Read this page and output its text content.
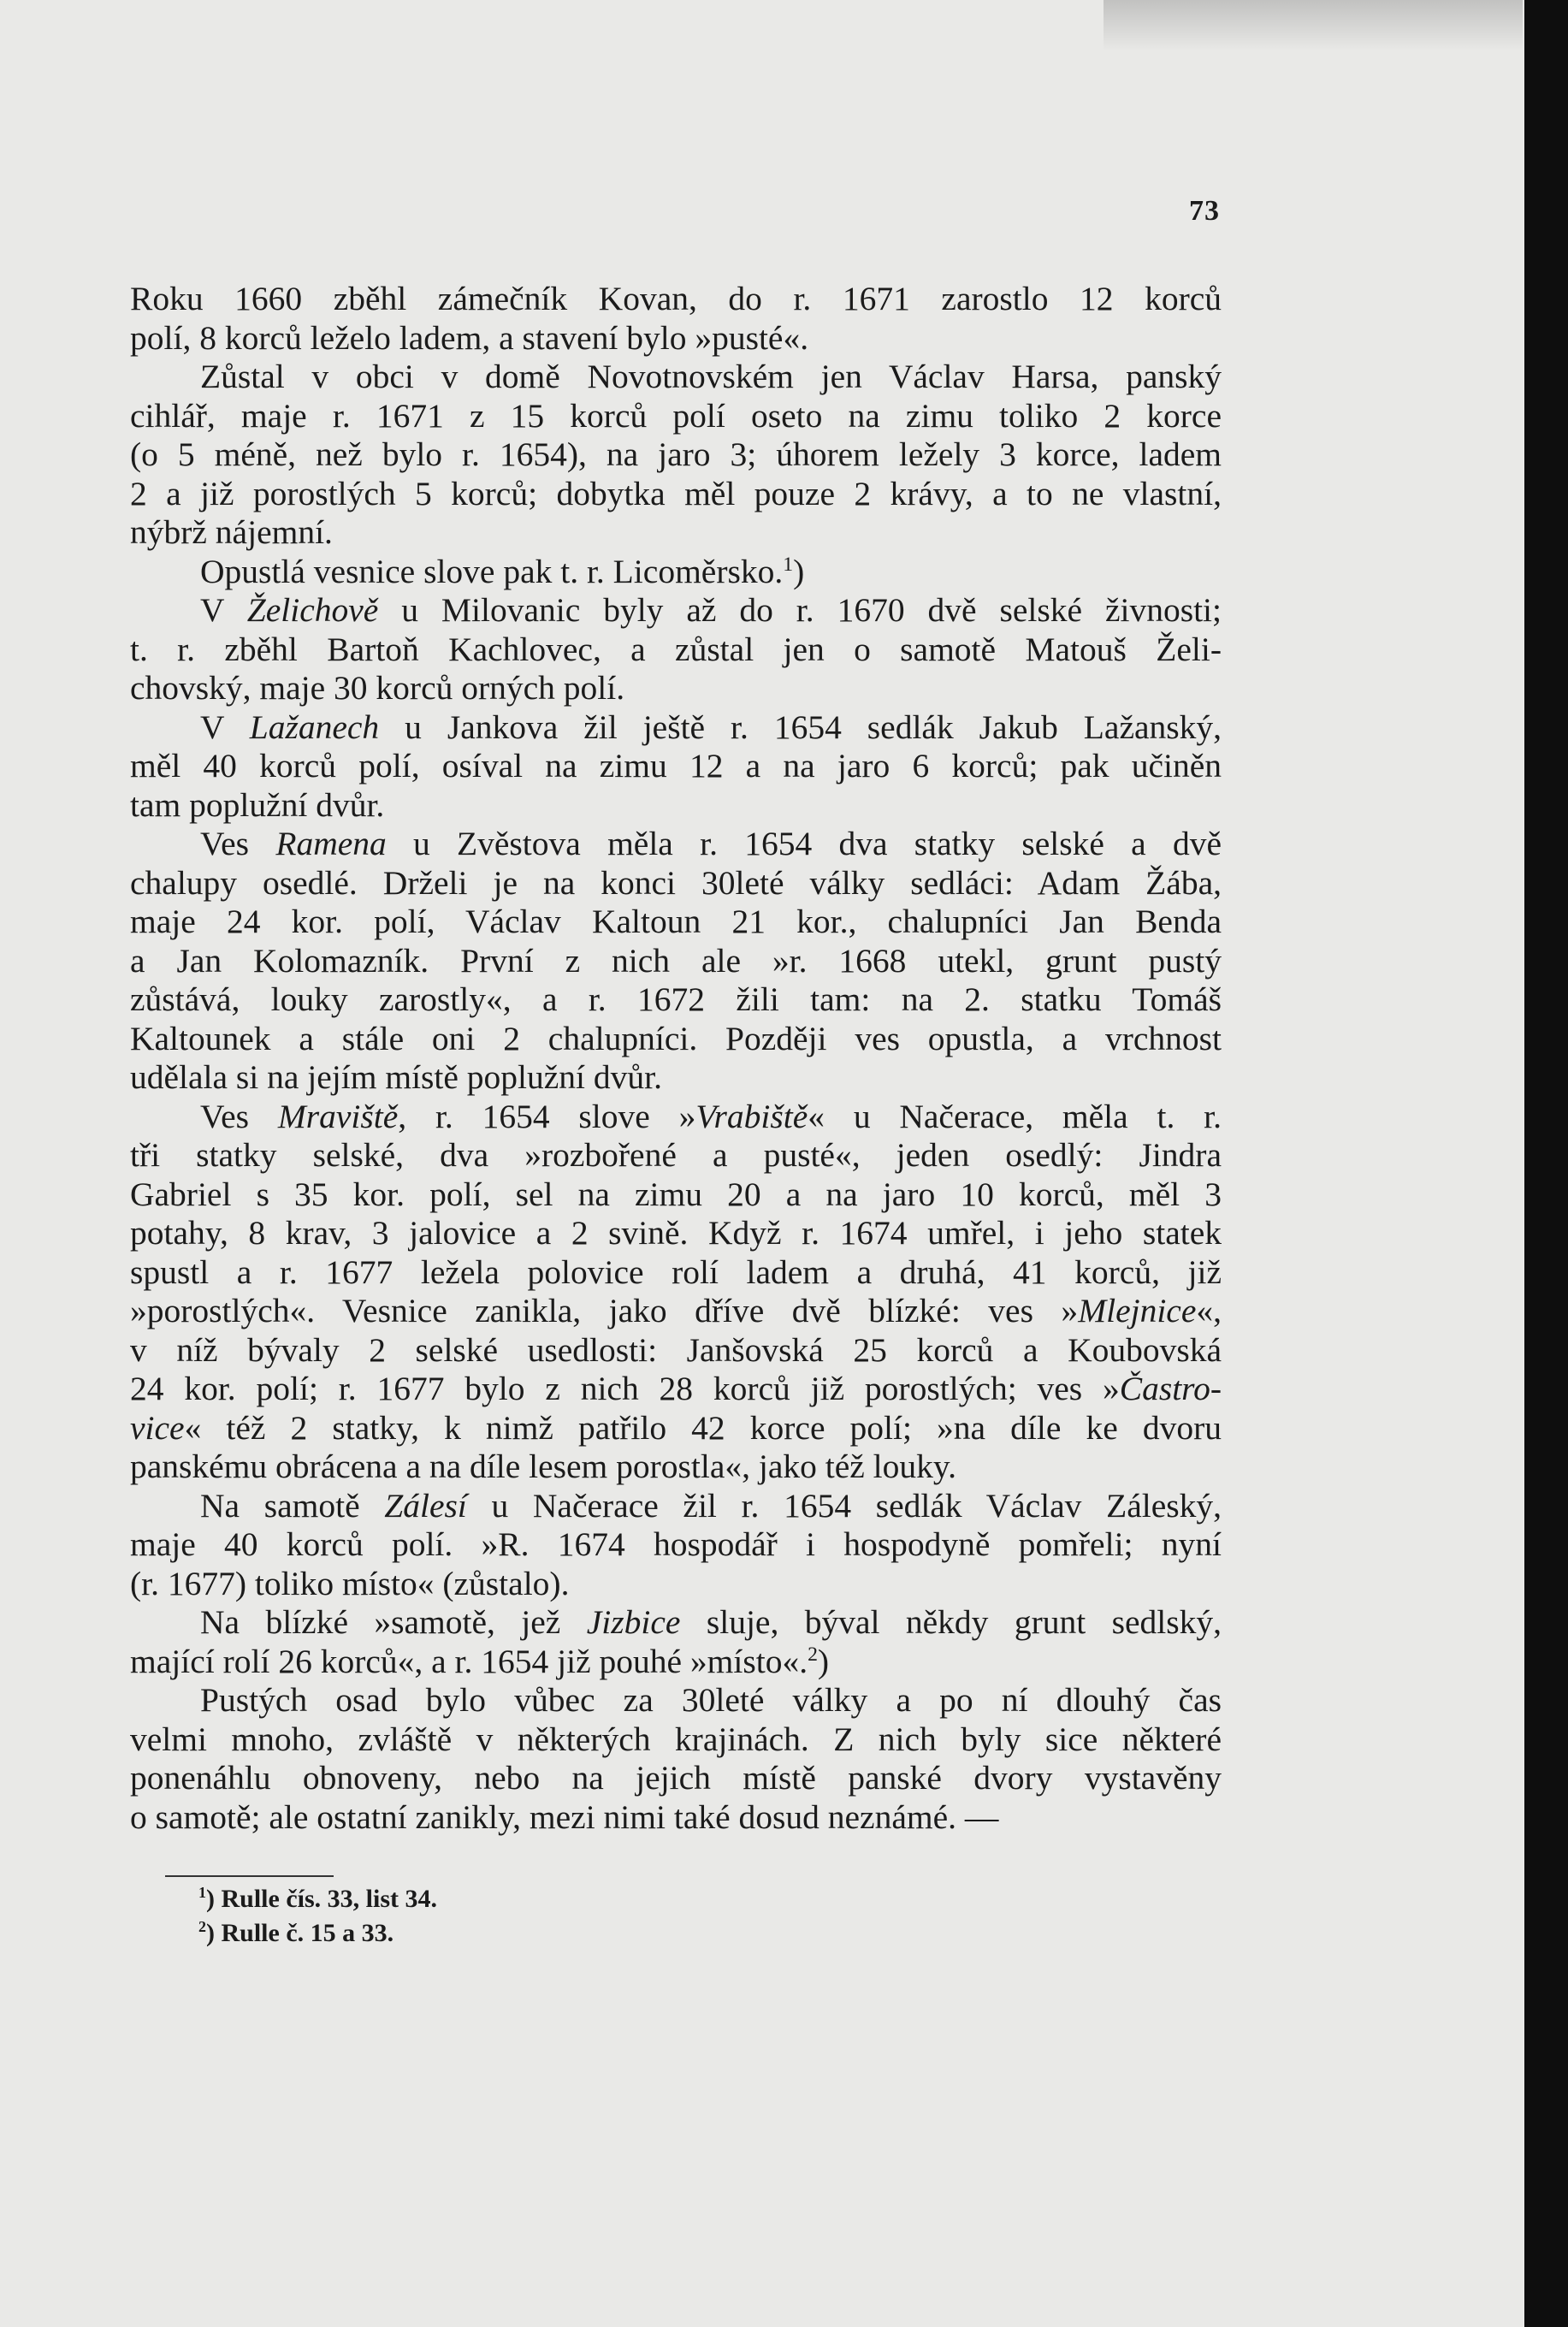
73
Roku 1660 zběhl zámečník Kovan, do r. 1671 zarostlo 12 korců
polí, 8 korců leželo ladem, a stavení bylo »pusté«.
Zůstal v obci v domě Novotnovském jen Václav Harsa, panský
cihlář, maje r. 1671 z 15 korců polí oseto na zimu toliko 2 korce
(o 5 méně, než bylo r. 1654), na jaro 3; úhorem ležely 3 korce, ladem
2 a již porostlých 5 korců; dobytka měl pouze 2 krávy, a to ne vlastní,
nýbrž nájemní.
Opustlá vesnice slove pak t. r. Licoměrsko.$^1$)
V Želichově u Milovanic byly až do r. 1670 dvě selské živnosti;
t. r. zběhl Bartoň Kachlovec, a zůstal jen o samotě Matouš Želi-
chovský, maje 30 korců orných polí.
V Lažanech u Jankova žil ještě r. 1654 sedlák Jakub Lažanský,
měl 40 korců polí, osíval na zimu 12 a na jaro 6 korců; pak učiněn
tam poplužní dvůr.
Ves Ramena u Zvěstova měla r. 1654 dva statky selské a dvě
chalupy osedlé. Drželi je na konci 30leté války sedláci: Adam Žába,
maje 24 kor. polí, Václav Kaltoun 21 kor., chalupníci Jan Benda
a Jan Kolomazník. První z nich ale »r. 1668 utekl, grunt pustý
zůstává, louky zarostly«, a r. 1672 žili tam: na 2. statku Tomáš
Kaltounek a stále oni 2 chalupníci. Později ves opustla, a vrchnost
udělala si na jejím místě poplužní dvůr.
Ves Mraviště, r. 1654 slove »Vrabiště« u Načerace, měla t. r.
tři statky selské, dva »rozbořené a pusté«, jeden osedlý: Jindra
Gabriel s 35 kor. polí, sel na zimu 20 a na jaro 10 korců, měl 3
potahy, 8 krav, 3 jalovice a 2 svině. Když r. 1674 umřel, i jeho statek
spustl a r. 1677 ležela polovice rolí ladem a druhá, 41 korců, již
»porostlých«. Vesnice zanikla, jako dříve dvě blízké: ves »Mlejnice«,
v níž bývaly 2 selské usedlosti: Janšovská 25 korců a Koubovská
24 kor. polí; r. 1677 bylo z nich 28 korců již porostlých; ves »Častro-
vice« též 2 statky, k nimž patřilo 42 korce polí; »na díle ke dvoru
panskému obrácena a na díle lesem porostla«, jako též louky.
Na samotě Zálesí u Načerace žil r. 1654 sedlák Václav Záleský,
maje 40 korců polí. »R. 1674 hospodář i hospodyně pomřeli; nyní
(r. 1677) toliko místo« (zůstalo).
Na blízké »samotě, jež Jizbice sluje, býval někdy grunt sedlský,
mající rolí 26 korců«, a r. 1654 již pouhé »místo«.$^2$)
Pustých osad bylo vůbec za 30leté války a po ní dlouhý čas
velmi mnoho, zvláště v některých krajinách. Z nich byly sice některé
ponenáhlu obnoveny, nebo na jejich místě panské dvory vystavěny
o samotě; ale ostatní zanikly, mezi nimi také dosud neznámé. —
$^1$) Rulle čís. 33, list 34.
$^2$) Rulle č. 15 a 33.
